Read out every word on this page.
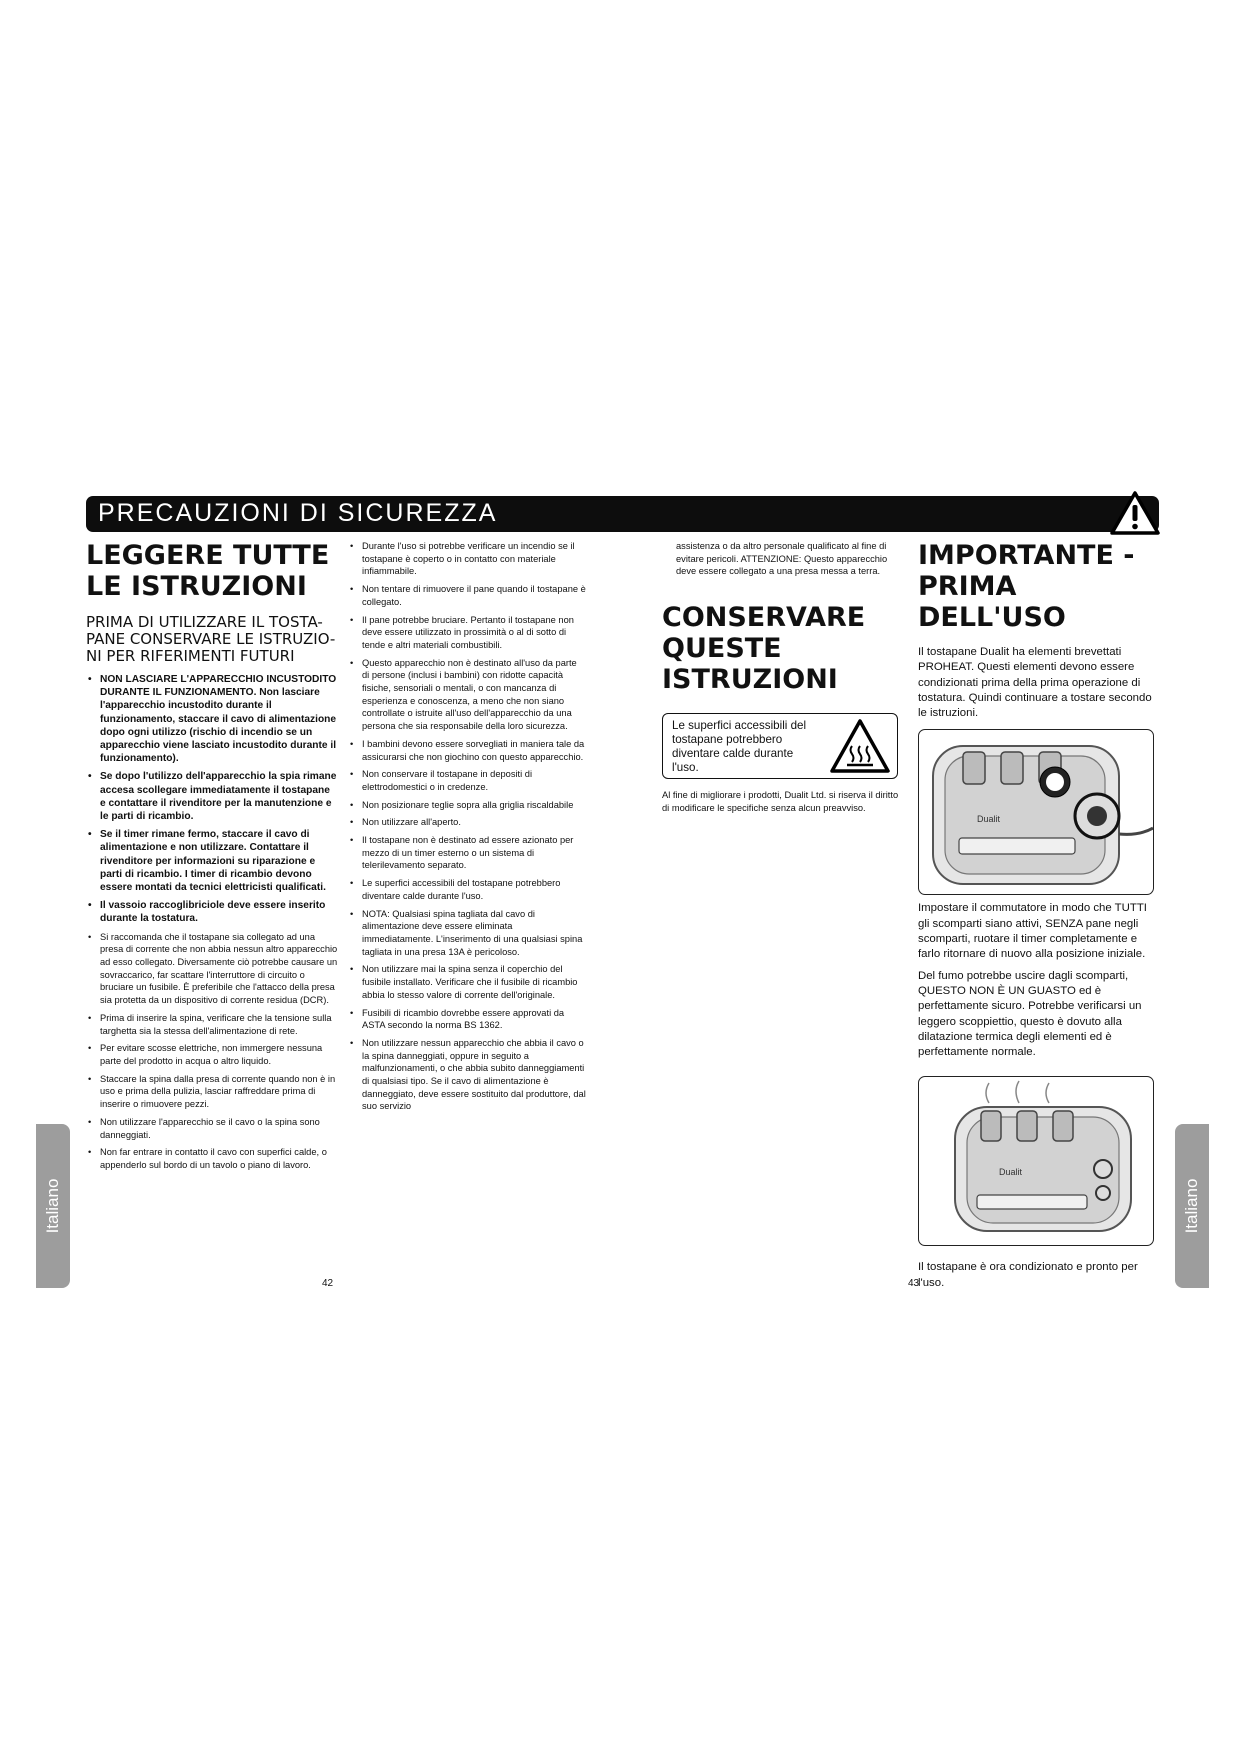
PRECAUZIONI DI SICUREZZA
LEGGERE TUTTE LE ISTRUZIONI
PRIMA DI UTILIZZARE IL TOSTA-PANE CONSERVARE LE ISTRUZIO-NI PER RIFERIMENTI FUTURI
• NON LASCIARE L'APPARECCHIO INCUSTODITO DURANTE IL FUNZIONAMENTO. Non lasciare l'apparecchio incustodito durante il funzionamento, staccare il cavo di alimentazione dopo ogni utilizzo (rischio di incendio se un apparecchio viene lasciato incustodito durante il funzionamento).
• Se dopo l'utilizzo dell'apparecchio la spia rimane accesa scollegare immediatamente il tostapane e contattare il rivenditore per la manutenzione e le parti di ricambio.
• Se il timer rimane fermo, staccare il cavo di alimentazione e non utilizzare. Contattare il rivenditore per informazioni su riparazione e parti di ricambio. I timer di ricambio devono essere montati da tecnici elettricisti qualificati.
• Il vassoio raccoglibriciole deve essere inserito durante la tostatura.
• Si raccomanda che il tostapane sia collegato ad una presa di corrente che non abbia nessun altro apparecchio ad esso collegato. Diversamente ciò potrebbe causare un sovraccarico, far scattare l'interruttore di circuito o bruciare un fusibile. È preferibile che l'attacco della presa sia protetta da un dispositivo di corrente residua (DCR).
• Prima di inserire la spina, verificare che la tensione sulla targhetta sia la stessa dell'alimentazione di rete.
• Per evitare scosse elettriche, non immergere nessuna parte del prodotto in acqua o altro liquido.
• Staccare la spina dalla presa di corrente quando non è in uso e prima della pulizia, lasciar raffreddare prima di inserire o rimuovere pezzi.
• Non utilizzare l'apparecchio se il cavo o la spina sono danneggiati.
• Non far entrare in contatto il cavo con superfici calde, o appenderlo sul bordo di un tavolo o piano di lavoro.
• Durante l'uso si potrebbe verificare un incendio se il tostapane è coperto o in contatto con materiale infiammabile.
• Non tentare di rimuovere il pane quando il tostapane è collegato.
• Il pane potrebbe bruciare. Pertanto il tostapane non deve essere utilizzato in prossimità o al di sotto di tende e altri materiali combustibili.
• Questo apparecchio non è destinato all'uso da parte di persone (inclusi i bambini) con ridotte capacità fisiche, sensoriali o mentali, o con mancanza di esperienza e conoscenza, a meno che non siano controllate o istruite all'uso dell'apparecchio da una persona che sia responsabile della loro sicurezza.
• I bambini devono essere sorvegliati in maniera tale da assicurarsi che non giochino con questo apparecchio.
• Non conservare il tostapane in depositi di elettrodomestici o in credenze.
• Non posizionare teglie sopra alla griglia riscaldabile
• Non utilizzare all'aperto.
• Il tostapane non è destinato ad essere azionato per mezzo di un timer esterno o un sistema di telerilevamento separato.
• Le superfici accessibili del tostapane potrebbero diventare calde durante l'uso.
• NOTA: Qualsiasi spina tagliata dal cavo di alimentazione deve essere eliminata immediatamente. L'inserimento di una qualsiasi spina tagliata in una presa 13A è pericoloso.
• Non utilizzare mai la spina senza il coperchio del fusibile installato. Verificare che il fusibile di ricambio abbia lo stesso valore di corrente dell'originale.
• Fusibili di ricambio dovrebbe essere approvati da ASTA secondo la norma BS 1362.
• Non utilizzare nessun apparecchio che abbia il cavo o la spina danneggiati, oppure in seguito a malfunzionamenti, o che abbia subito danneggiamenti di qualsiasi tipo. Se il cavo di alimentazione è danneggiato, deve essere sostituito dal produttore, dal suo servizio

assistenza o da altro personale qualificato al fine di evitare pericoli. ATTENZIONE: Questo apparecchio deve essere collegato a una presa messa a terra.

CONSERVARE QUESTE ISTRUZIONI
Le superfici accessibili del tostapane potrebbero diventare calde durante l'uso.

Al fine di migliorare i prodotti, Dualit Ltd. si riserva il diritto di modificare le specifiche senza alcun preavviso.

IMPORTANTE - PRIMA DELL'USO

Il tostapane Dualit ha elementi brevettati PROHEAT. Questi elementi devono essere condizionati prima della prima operazione di tostatura. Quindi continuare a tostare secondo le istruzioni.

Dualit

Impostare il commutatore in modo che TUTTI gli scomparti siano attivi, SENZA pane negli scomparti, ruotare il timer completamente e farlo ritornare di nuovo alla posizione iniziale.

Del fumo potrebbe uscire dagli scomparti, QUESTO NON È UN GUASTO ed è perfettamente sicuro. Potrebbe verificarsi un leggero scoppiettio, questo è dovuto alla dilatazione termica degli elementi ed è perfettamente normale.

Dualit

Il tostapane è ora condizionato e pronto per l'uso.

Italiano	Italiano
42	43
